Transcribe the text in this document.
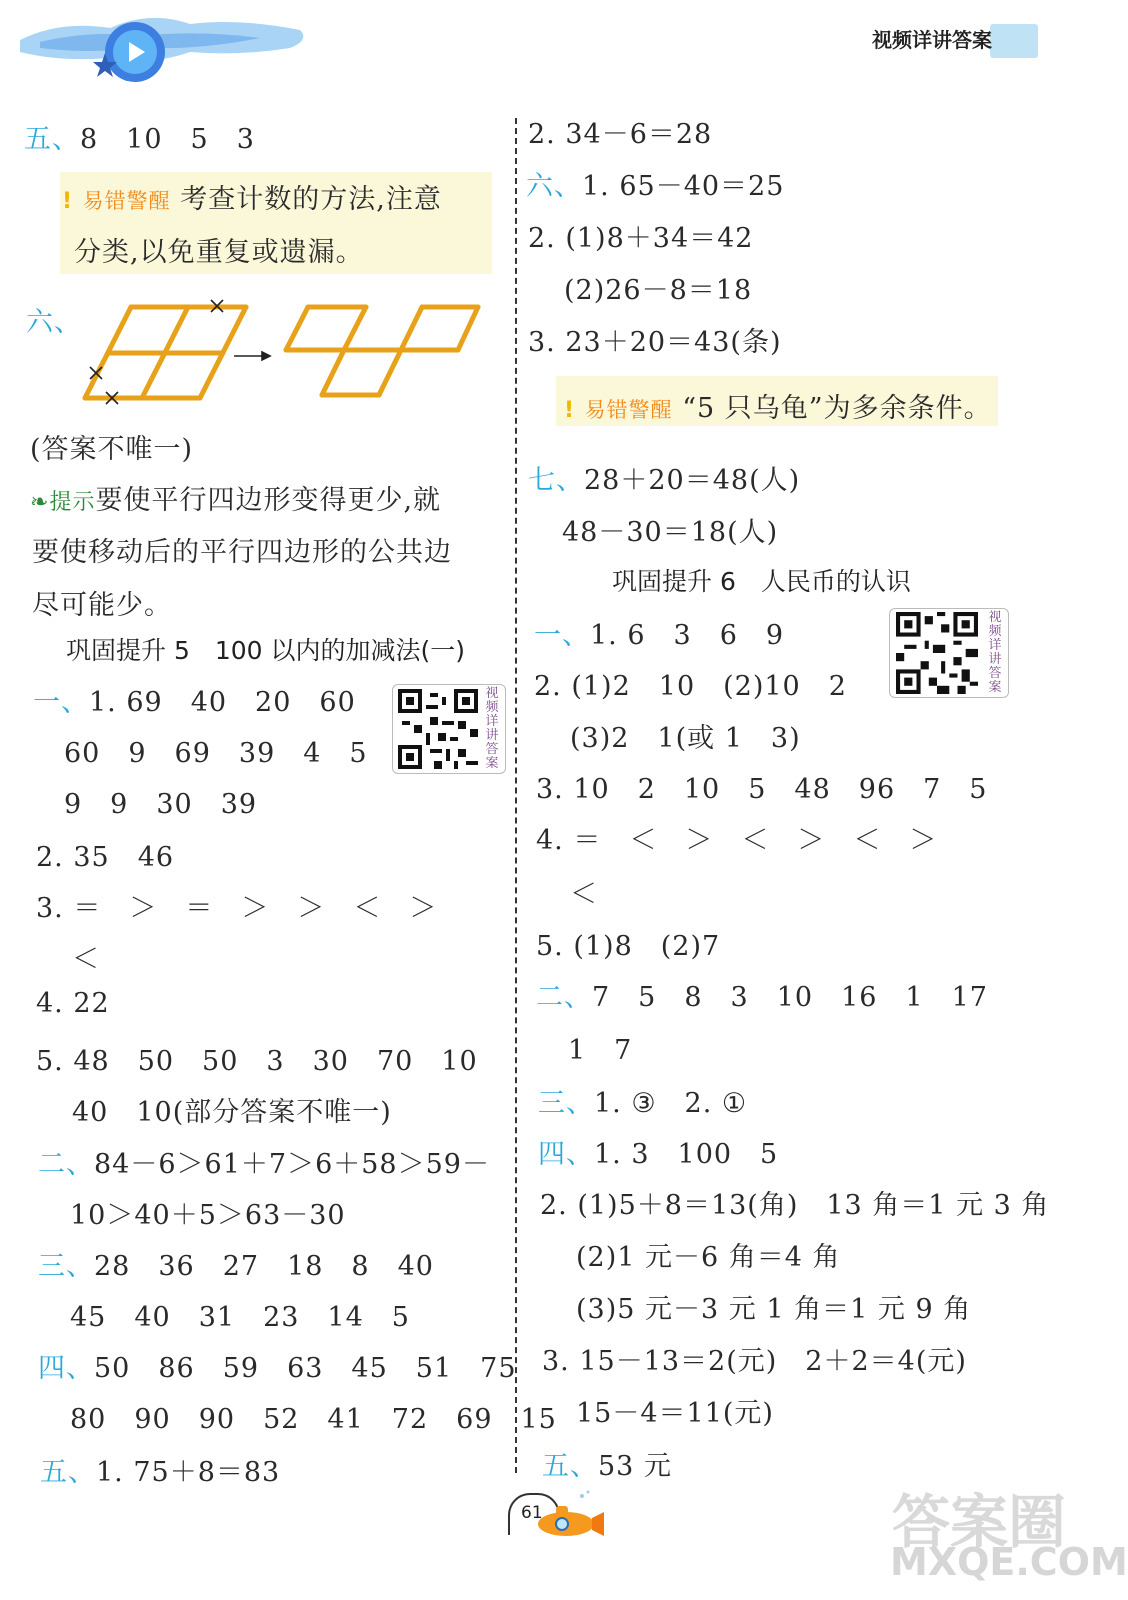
视频详讲答案
五、8　10　5　3
! 易错警醒 考查计数的方法,注意
分类,以免重复或遗漏。
六、
(答案不唯一)
❧提示要使平行四边形变得更少,就
要使移动后的平行四边形的公共边
尽可能少。
巩固提升 5　100 以内的加减法(一)
一、1. 69　40　20　60
60　9　69　39　4　5
9　9　30　39
2. 35　46
3. ＝　＞　＝　＞　＞　＜　＞
＜
4. 22
5. 48　50　50　3　30　70　10
40　10(部分答案不唯一)
二、84－6＞61＋7＞6＋58＞59－
10＞40＋5＞63－30
三、28　36　27　18　8　40
45　40　31　23　14　5
四、50　86　59　63　45　51　75
80　90　90　52　41　72　69　15
五、1. 75＋8＝83
视频详讲答案
2. 34－6＝28
六、1. 65－40＝25
2. (1)8＋34＝42
(2)26－8＝18
3. 23＋20＝43(条)
! 易错警醒 “5 只乌龟”为多余条件。
七、28＋20＝48(人)
48－30＝18(人)
巩固提升 6　人民币的认识
一、1. 6　3　6　9
2. (1)2　10　(2)10　2
(3)2　1(或 1　3)
3. 10　2　10　5　48　96　7　5
4. ＝　＜　＞　＜　＞　＜　＞
＜
5. (1)8　(2)7
二、7　5　8　3　10　16　1　17
1　7
三、1. ③　2. ①
四、1. 3　100　5
2. (1)5＋8＝13(角)　13 角＝1 元 3 角
(2)1 元－6 角＝4 角
(3)5 元－3 元 1 角＝1 元 9 角
3. 15－13＝2(元)　2＋2＝4(元)
15－4＝11(元)
五、53 元
视频详讲答案
61	答案圈
MXQE.COM
